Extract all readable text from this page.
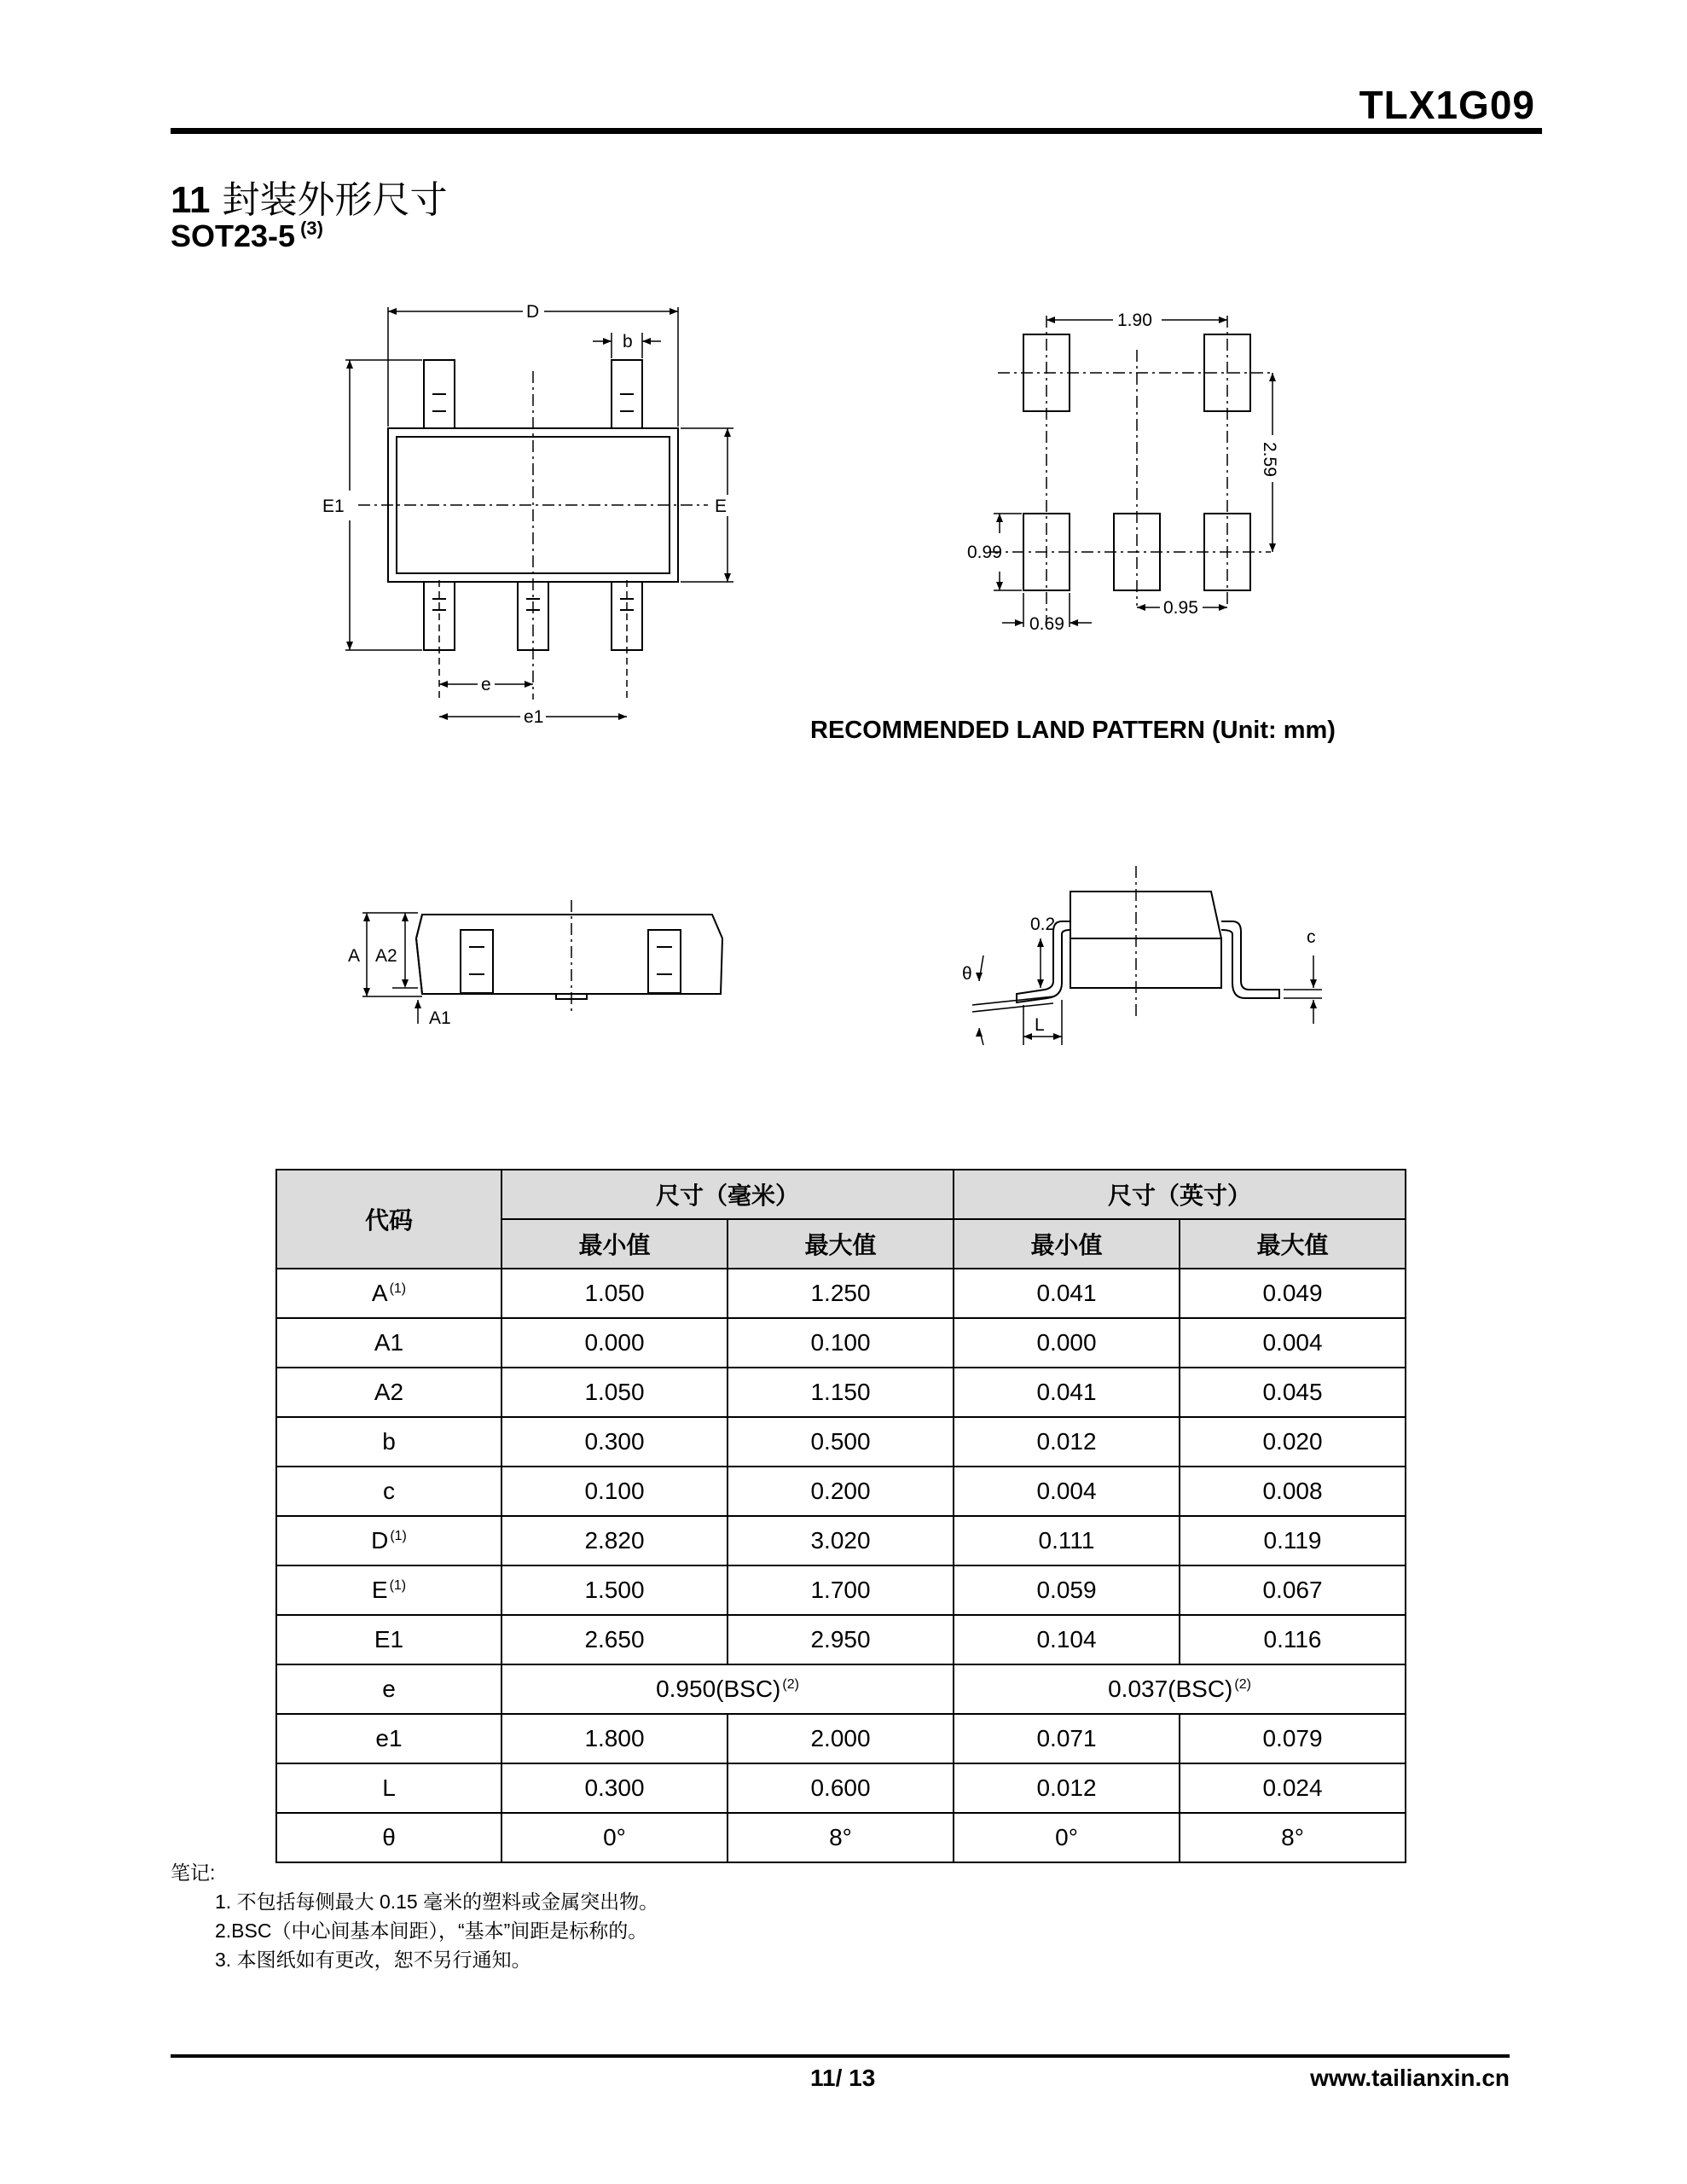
TLX1G09
11 封装外形尺寸
SOT23-5 $^{(3)}$
D
b
E1	E
e
e1
1.90
2.59
0.99
0.69
0.95
RECOMMENDED LAND PATTERN (Unit: mm)
A A2
A1
0.2
θ
L
c
代码	尺寸（毫米）		尺寸（英寸）	
	最小值	最大值	最小值	最大值
A $^{(1)}$	1.050	1.250	0.041	0.049
A1	0.000	0.100	0.000	0.004
A2	1.050	1.150	0.041	0.045
b	0.300	0.500	0.012	0.020
c	0.100	0.200	0.004	0.008
D $^{(1)}$	2.820	3.020	0.111	0.119
E $^{(1)}$	1.500	1.700	0.059	0.067
E1	2.650	2.950	0.104	0.116
e	0.950(BSC) $^{(2)}$		0.037(BSC) $^{(2)}$
e1	1.800	2.000	0.071	0.079
L	0.300	0.600	0.012	0.024
θ	0°	8°	0°	8°
笔记:
1. 不包括每侧最大 0.15 毫米的塑料或金属突出物。
2.BSC（中心间基本间距），“基本”间距是标称的。
3. 本图纸如有更改，恕不另行通知。
11/ 13	www.tailianxin.cn
